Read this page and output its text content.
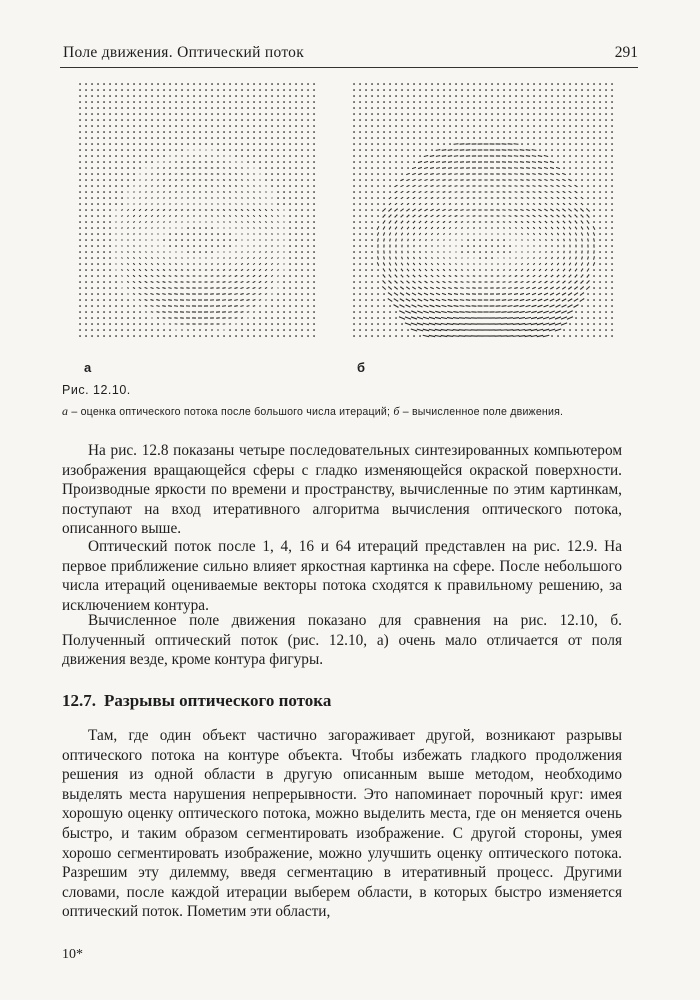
Поле движения. Оптический поток	291
а	б
Рис. 12.10.
а – оценка оптического потока после большого числа итераций; б – вычисленное поле движения.

На рис. 12.8 показаны четыре последовательных синтезированных компьютером изображения вращающейся сферы с гладко изменяющейся окраской поверхности. Производные яркости по времени и пространству, вычисленные по этим картинкам, поступают на вход итеративного алгоритма вычисления оптического потока, описанного выше.

Оптический поток после 1, 4, 16 и 64 итераций представлен на рис. 12.9. На первое приближение сильно влияет яркостная картинка на сфере. После небольшого числа итераций оцениваемые векторы потока сходятся к правильному решению, за исключением контура.

Вычисленное поле движения показано для сравнения на рис. 12.10, б. Полученный оптический поток (рис. 12.10, а) очень мало отличается от поля движения везде, кроме контура фигуры.

12.7. Разрывы оптического потока

Там, где один объект частично загораживает другой, возникают разрывы оптического потока на контуре объекта. Чтобы избежать гладкого продолжения решения из одной области в другую описанным выше методом, необходимо выделять места нарушения непрерывности. Это напоминает порочный круг: имея хорошую оценку оптического потока, можно выделить места, где он меняется очень быстро, и таким образом сегментировать изображение. С другой стороны, умея хорошо сегментировать изображение, можно улучшить оценку оптического потока. Разрешим эту дилемму, введя сегментацию в итеративный процесс. Другими словами, после каждой итерации выберем области, в которых быстро изменяется оптический поток. Пометим эти области,

10*
